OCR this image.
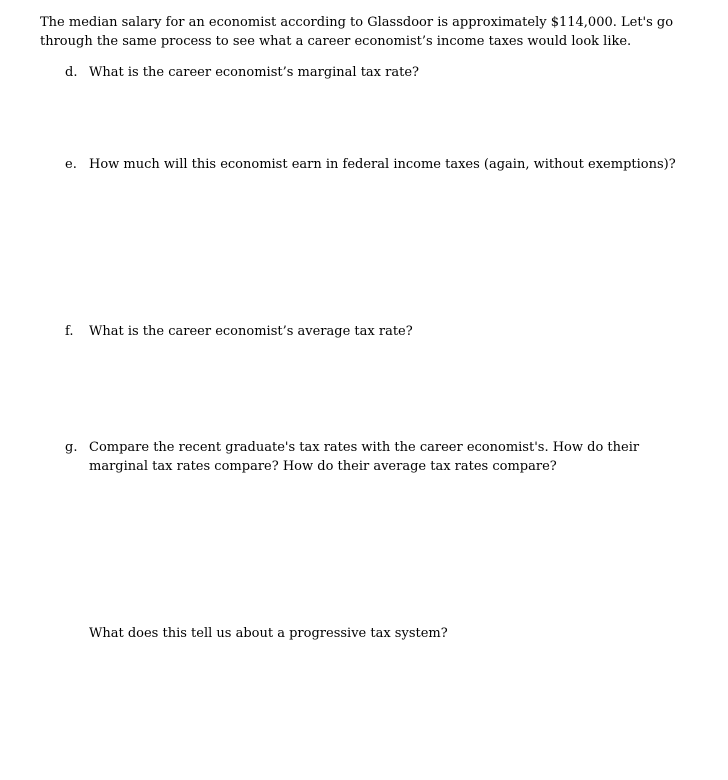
The median salary for an economist according to Glassdoor is approximately $114,000. Let's go through the same process to see what a career economist’s income taxes would look like.

d. What is the career economist’s marginal tax rate?
e. How much will this economist earn in federal income taxes (again, without exemptions)?
f. What is the career economist’s average tax rate?
g. Compare the recent graduate's tax rates with the career economist's. How do their marginal tax rates compare? How do their average tax rates compare?

What does this tell us about a progressive tax system?
